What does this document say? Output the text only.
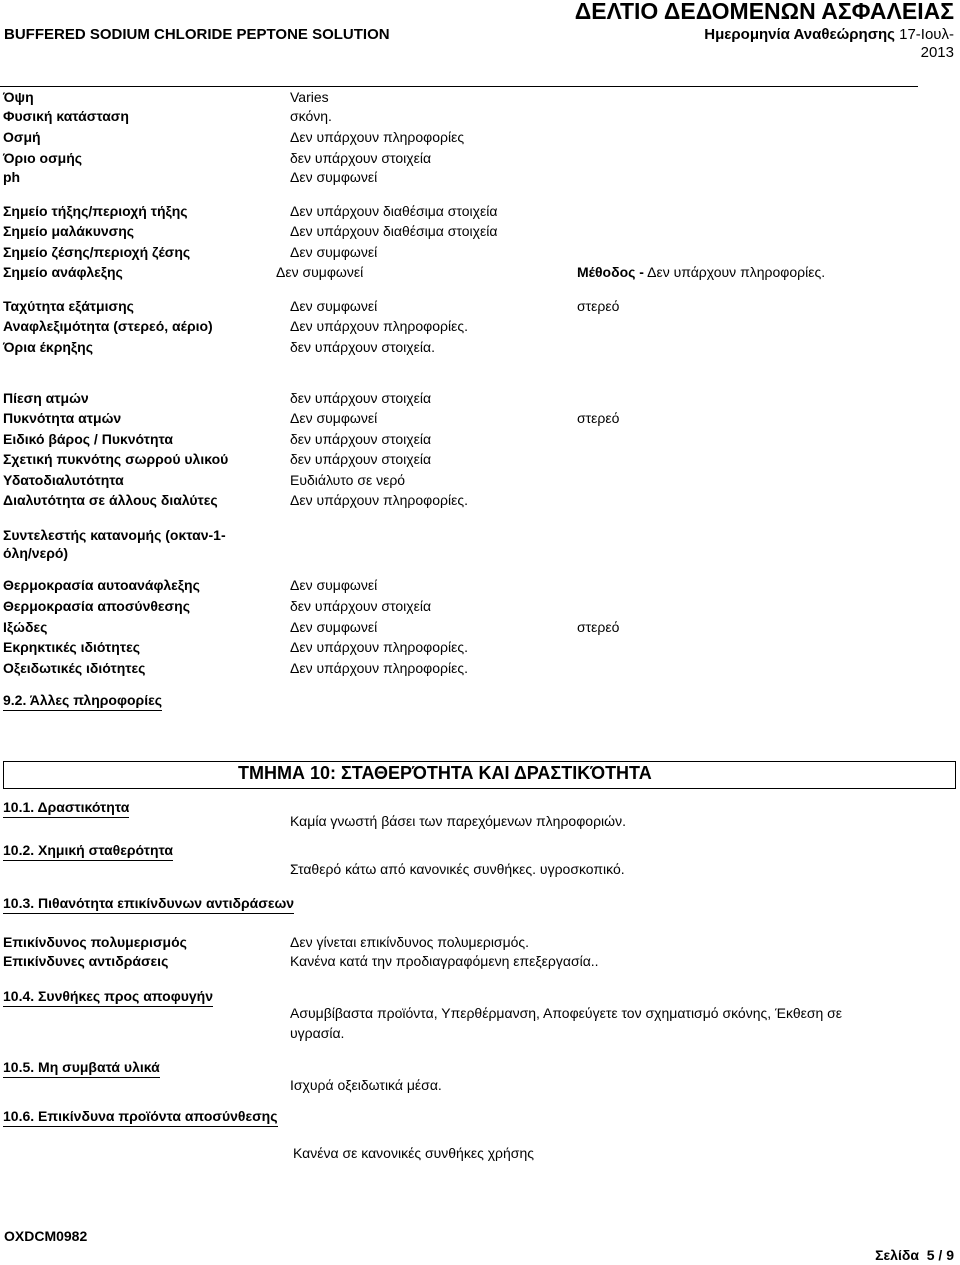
BUFFERED SODIUM CHLORIDE PEPTONE SOLUTION
ΔΕΛΤΙΟ ΔΕΔΟΜΕΝΩΝ ΑΣΦΑΛΕΙΑΣ
Ημερομηνία Αναθεώρησης 17-Ιουλ-
2013
Όψη	Varies
Φυσική κατάσταση	σκόνη.
Οσμή	Δεν υπάρχουν πληροφορίες
Όριο οσμής	δεν υπάρχουν στοιχεία
ph	Δεν συμφωνεί
Σημείο τήξης/περιοχή τήξης	Δεν υπάρχουν διαθέσιμα στοιχεία
Σημείο μαλάκυνσης	Δεν υπάρχουν διαθέσιμα στοιχεία
Σημείο ζέσης/περιοχή ζέσης	Δεν συμφωνεί
Σημείο ανάφλεξης	Δεν συμφωνεί	Μέθοδος - Δεν υπάρχουν πληροφορίες.
Ταχύτητα εξάτμισης	Δεν συμφωνεί	στερεό
Αναφλεξιμότητα (στερεό, αέριο)	Δεν υπάρχουν πληροφορίες.
Όρια έκρηξης	δεν υπάρχουν στοιχεία.
Πίεση ατμών	δεν υπάρχουν στοιχεία
Πυκνότητα ατμών	Δεν συμφωνεί	στερεό
Ειδικό βάρος / Πυκνότητα	δεν υπάρχουν στοιχεία
Σχετική πυκνότης σωρρού υλικού	δεν υπάρχουν στοιχεία
Υδατοδιαλυτότητα	Ευδιάλυτο σε νερό
Διαλυτότητα σε άλλους διαλύτες	Δεν υπάρχουν πληροφορίες.
Συντελεστής κατανομής (οκταν-1-
όλη/νερό)
Θερμοκρασία αυτοανάφλεξης	Δεν συμφωνεί
Θερμοκρασία αποσύνθεσης	δεν υπάρχουν στοιχεία
Ιξώδες	Δεν συμφωνεί	στερεό
Εκρηκτικές ιδιότητες	Δεν υπάρχουν πληροφορίες.
Οξειδωτικές ιδιότητες	Δεν υπάρχουν πληροφορίες.
9.2. Άλλες πληροφορίες
ΤΜΗΜΑ 10: ΣΤΑΘΕΡΌΤΗΤΑ ΚΑΙ ΔΡΑΣΤΙΚΌΤΗΤΑ
10.1. Δραστικότητα
Καμία γνωστή βάσει των παρεχόμενων πληροφοριών.
10.2. Χημική σταθερότητα
Σταθερό κάτω από κανονικές συνθήκες. υγροσκοπικό.
10.3. Πιθανότητα επικίνδυνων αντιδράσεων
Επικίνδυνος πολυμερισμός	Δεν γίνεται επικίνδυνος πολυμερισμός.
Επικίνδυνες αντιδράσεις	Κανένα κατά την προδιαγραφόμενη επεξεργασία..
10.4. Συνθήκες προς αποφυγήν
Ασυμβίβαστα προϊόντα, Υπερθέρμανση, Αποφεύγετε τον σχηματισμό σκόνης, Έκθεση σε
υγρασία.
10.5. Μη συμβατά υλικά
Ισχυρά οξειδωτικά μέσα.
10.6. Επικίνδυνα προϊόντα αποσύνθεσης
Κανένα σε κανονικές συνθήκες χρήσης
OXDCM0982
Σελίδα 5 / 9
